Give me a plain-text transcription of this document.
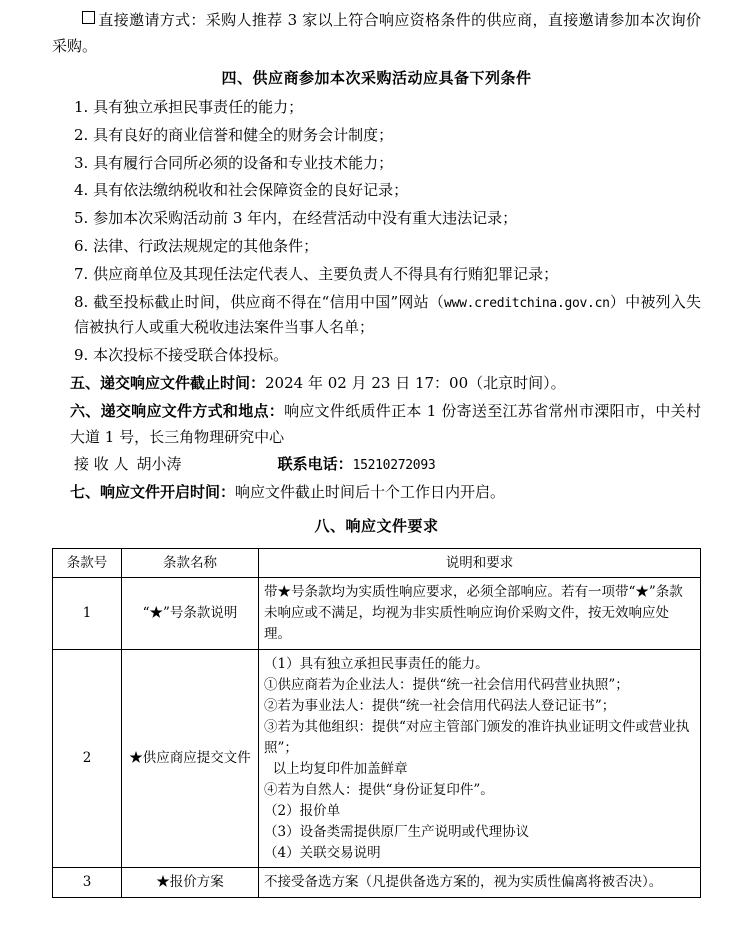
直接邀请方式：采购人推荐 3 家以上符合响应资格条件的供应商，直接邀请参加本次询价采购。

四、供应商参加本次采购活动应具备下列条件

1. 具有独立承担民事责任的能力；

2. 具有良好的商业信誉和健全的财务会计制度；

3. 具有履行合同所必须的设备和专业技术能力；

4. 具有依法缴纳税收和社会保障资金的良好记录；

5. 参加本次采购活动前 3 年内，在经营活动中没有重大违法记录；

6. 法律、行政法规规定的其他条件；

7. 供应商单位及其现任法定代表人、主要负责人不得具有行贿犯罪记录；

8. 截至投标截止时间，供应商不得在“信用中国”网站（www.creditchina.gov.cn）中被列入失信被执行人或重大税收违法案件当事人名单；

9. 本次投标不接受联合体投标。

五、递交响应文件截止时间：2024 年 02 月 23 日 17：00（北京时间）。

六、递交响应文件方式和地点：响应文件纸质件正本 1 份寄送至江苏省常州市溧阳市，中关村大道 1 号，长三角物理研究中心

接 收 人 胡小涛	联系电话：15210272093

七、响应文件开启时间：响应文件截止时间后十个工作日内开启。

八、响应文件要求

条款号	条款名称	说明和要求
1	“★”号条款说明	带★号条款均为实质性响应要求，必须全部响应。若有一项带“★”条款
未响应或不满足，均视为非实质性响应询价采购文件，按无效响应处理。

2	★供应商应提交文件	
（1）具有独立承担民事责任的能力。
①供应商若为企业法人：提供“统一社会信用代码营业执照”；
②若为事业法人：提供“统一社会信用代码法人登记证书”；
③若为其他组织：提供“对应主管部门颁发的准许执业证明文件或营业执
照”；
以上均复印件加盖鲜章
④若为自然人：提供“身份证复印件”。
（2）报价单
（3）设备类需提供原厂生产说明或代理协议
（4）关联交易说明

3	★报价方案	不接受备选方案（凡提供备选方案的，视为实质性偏离将被否决）。
